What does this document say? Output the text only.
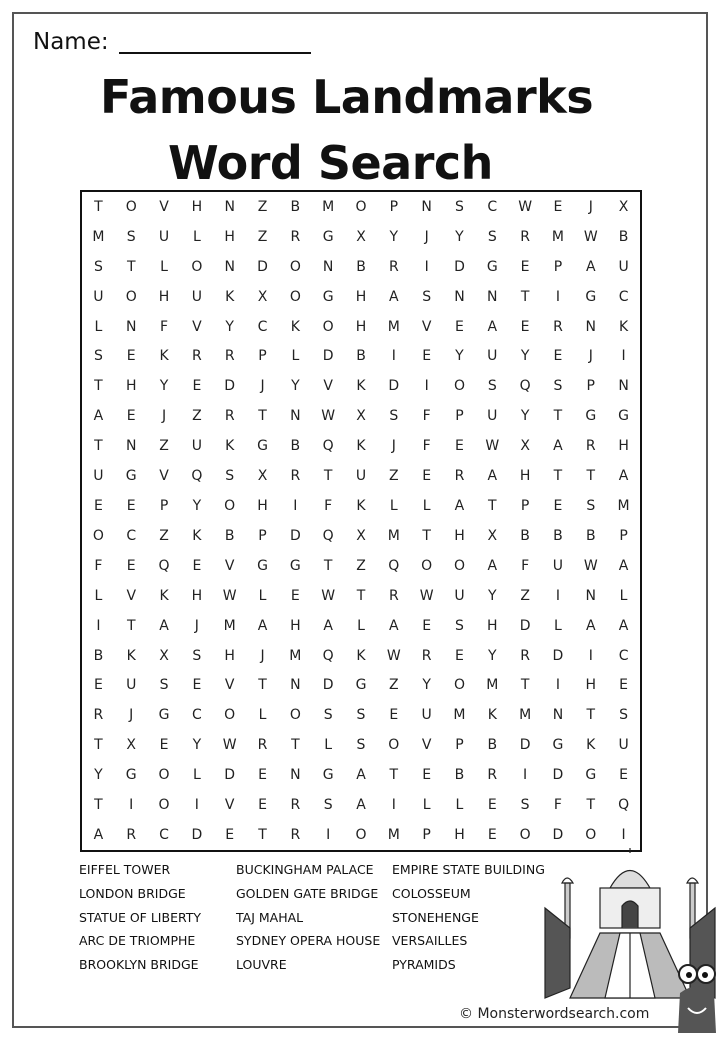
Name:
Famous Landmarks
Word Search
T	O	V	H	N	Z	B	M	O	P	N	S	C	W	E	J	X
M	S	U	L	H	Z	R	G	X	Y	J	Y	S	R	M	W	B
S	T	L	O	N	D	O	N	B	R	I	D	G	E	P	A	U
U	O	H	U	K	X	O	G	H	A	S	N	N	T	I	G	C
L	N	F	V	Y	C	K	O	H	M	V	E	A	E	R	N	K
S	E	K	R	R	P	L	D	B	I	E	Y	U	Y	E	J	I
T	H	Y	E	D	J	Y	V	K	D	I	O	S	Q	S	P	N
A	E	J	Z	R	T	N	W	X	S	F	P	U	Y	T	G	G
T	N	Z	U	K	G	B	Q	K	J	F	E	W	X	A	R	H
U	G	V	Q	S	X	R	T	U	Z	E	R	A	H	T	T	A
E	E	P	Y	O	H	I	F	K	L	L	A	T	P	E	S	M
O	C	Z	K	B	P	D	Q	X	M	T	H	X	B	B	B	P
F	E	Q	E	V	G	G	T	Z	Q	O	O	A	F	U	W	A
L	V	K	H	W	L	E	W	T	R	W	U	Y	Z	I	N	L
I	T	A	J	M	A	H	A	L	A	E	S	H	D	L	A	A
B	K	X	S	H	J	M	Q	K	W	R	E	Y	R	D	I	C
E	U	S	E	V	T	N	D	G	Z	Y	O	M	T	I	H	E
R	J	G	C	O	L	O	S	S	E	U	M	K	M	N	T	S
T	X	E	Y	W	R	T	L	S	O	V	P	B	D	G	K	U
Y	G	O	L	D	E	N	G	A	T	E	B	R	I	D	G	E
T	I	O	I	V	E	R	S	A	I	L	L	E	S	F	T	Q
A	R	C	D	E	T	R	I	O	M	P	H	E	O	D	O	I
EIFFEL TOWER
LONDON BRIDGE
STATUE OF LIBERTY
ARC DE TRIOMPHE
BROOKLYN BRIDGE
BUCKINGHAM PALACE
GOLDEN GATE BRIDGE
TAJ MAHAL
SYDNEY OPERA HOUSE
LOUVRE
EMPIRE STATE BUILDING
COLOSSEUM
STONEHENGE
VERSAILLES
PYRAMIDS
© Monsterwordsearch.com
